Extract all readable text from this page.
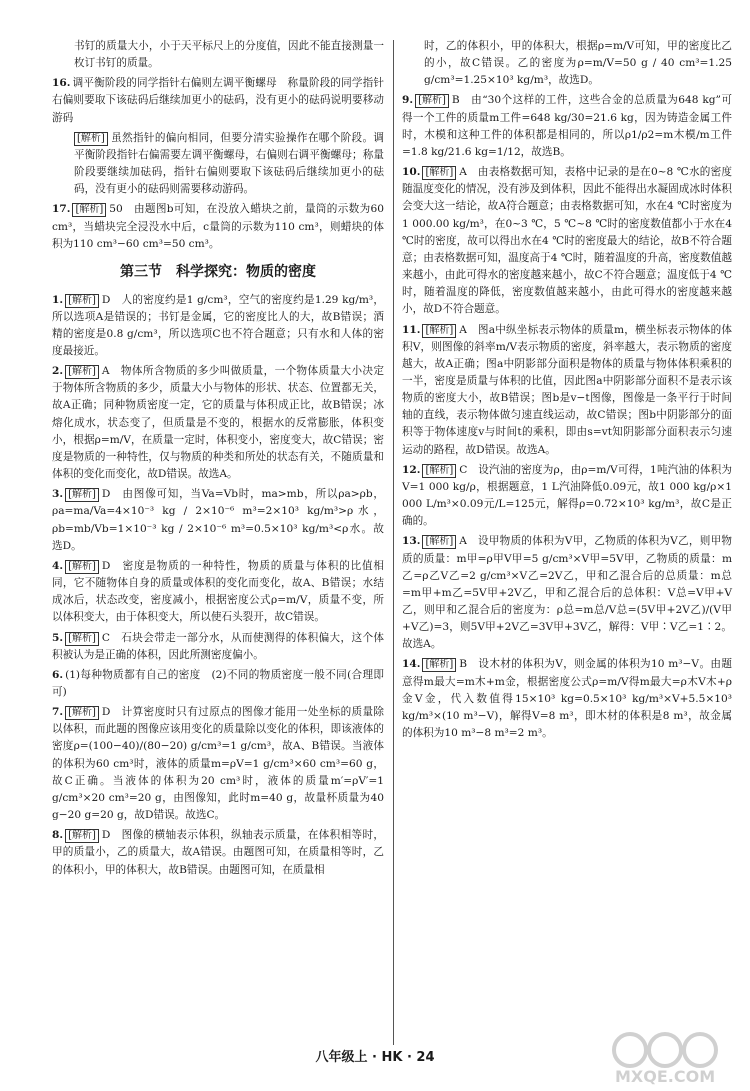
书钉的质量大小，小于天平标尺上的分度值，因此不能直接测量一枚订书钉的质量。

16. 调平衡阶段的同学指针右偏则左调平衡螺母　称量阶段的同学指针右偏则要取下该砝码后继续加更小的砝码，没有更小的砝码说明要移动游码

[解析] 虽然指针的偏向相同，但要分清实验操作在哪个阶段。调平衡阶段指针右偏需要左调平衡螺母，右偏则右调平衡螺母；称量阶段要继续加砝码，指针右偏则要取下该砝码后继续加更小的砝码，没有更小的砝码则需要移动游码。

17. [解析] 50　由题图b可知，在没放入蜡块之前，量筒的示数为60 cm³，当蜡块完全浸没水中后，c量筒的示数为110 cm³，则蜡块的体积为110 cm³−60 cm³=50 cm³。

第三节　科学探究：物质的密度

1. [解析] D　人的密度约是1 g/cm³，空气的密度约是1.29 kg/m³，所以选项A是错误的；书钉是金属，它的密度比人的大，故B错误；酒精的密度是0.8 g/cm³，所以选项C也不符合题意；只有水和人体的密度最接近。

2. [解析] A　物体所含物质的多少叫做质量，一个物体质量大小决定于物体所含物质的多少，质量大小与物体的形状、状态、位置都无关，故A正确；同种物质密度一定，它的质量与体积成正比，故B错误；冰熔化成水，状态变了，但质量是不变的，根据水的反常膨胀，体积变小，根据ρ=m/V，在质量一定时，体积变小，密度变大，故C错误；密度是物质的一种特性，仅与物质的种类和所处的状态有关，不随质量和体积的变化而变化，故D错误。故选A。

3. [解析] D　由图像可知，当Va=Vb时，ma>mb，所以ρa>ρb，ρa=ma/Va=4×10⁻³ kg / 2×10⁻⁶ m³=2×10³ kg/m³>ρ水，ρb=mb/Vb=1×10⁻³ kg / 2×10⁻⁶ m³=0.5×10³ kg/m³<ρ水。故选D。

4. [解析] D　密度是物质的一种特性，物质的质量与体积的比值相同，它不随物体自身的质量或体积的变化而变化，故A、B错误；水结成冰后，状态改变，密度减小，根据密度公式ρ=m/V，质量不变，所以体积变大，由于体积变大，所以使石头裂开，故C错误。

5. [解析] C　石块会带走一部分水，从而使测得的体积偏大，这个体积被认为是正确的体积，因此所测密度偏小。

6. (1)每种物质都有自己的密度　(2)不同的物质密度一般不同(合理即可)

7. [解析] D　计算密度时只有过原点的图像才能用一处坐标的质量除以体积，而此题的图像应该用变化的质量除以变化的体积，即该液体的密度ρ=(100−40)/(80−20) g/cm³=1 g/cm³，故A、B错误。当液体的体积为60 cm³时，液体的质量m=ρV=1 g/cm³×60 cm³=60 g，故C正确。当液体的体积为20 cm³时，液体的质量m′=ρV′=1 g/cm³×20 cm³=20 g，由图像知，此时m=40 g，故量杯质量为40 g−20 g=20 g，故D错误。故选C。

8. [解析] D　图像的横轴表示体积，纵轴表示质量，在体积相等时，甲的质量小，乙的质量大，故A错误。由题图可知，在质量相等时，乙的体积小，甲的体积大，故B错误。由题图可知，在质量相

时，乙的体积小，甲的体积大，根据ρ=m/V可知，甲的密度比乙的小，故C错误。乙的密度为ρ=m/V=50 g / 40 cm³=1.25 g/cm³=1.25×10³ kg/m³，故选D。

9. [解析] B　由“30个这样的工件，这些合金的总质量为648 kg”可得一个工件的质量m工件=648 kg/30=21.6 kg，因为铸造金属工件时，木模和这种工件的体积都是相同的，所以ρ1/ρ2=m木模/m工件=1.8 kg/21.6 kg=1/12，故选B。

10. [解析] A　由表格数据可知，表格中记录的是在0~8 ℃水的密度随温度变化的情况，没有涉及到体积，因此不能得出水凝固成冰时体积会变大这一结论，故A符合题意；由表格数据可知，水在4 ℃时密度为1 000.00 kg/m³，在0~3 ℃，5 ℃~8 ℃时的密度数值都小于水在4 ℃时的密度，故可以得出水在4 ℃时的密度最大的结论，故B不符合题意；由表格数据可知，温度高于4 ℃时，随着温度的升高，密度数值越来越小，由此可得水的密度越来越小，故C不符合题意；温度低于4 ℃时，随着温度的降低，密度数值越来越小，由此可得水的密度越来越小，故D不符合题意。

11. [解析] A　图a中纵坐标表示物体的质量m，横坐标表示物体的体积V，则图像的斜率m/V表示物质的密度，斜率越大，表示物质的密度越大，故A正确；图a中阴影部分面积是物体的质量与物体体积乘积的一半，密度是质量与体积的比值，因此图a中阴影部分面积不是表示该物质的密度大小，故B错误；图b是v−t图像，图像是一条平行于时间轴的直线，表示物体做匀速直线运动，故C错误；图b中阴影部分的面积等于物体速度v与时间t的乘积，即由s=vt知阴影部分面积表示匀速运动的路程，故D错误。故选A。

12. [解析] C　设汽油的密度为ρ，由ρ=m/V可得，1吨汽油的体积为V=1 000 kg/ρ，根据题意，1 L汽油降低0.09元，故1 000 kg/ρ×1 000 L/m³×0.09元/L=125元，解得ρ=0.72×10³ kg/m³，故C是正确的。

13. [解析] A　设甲物质的体积为V甲，乙物质的体积为V乙，则甲物质的质量：m甲=ρ甲V甲=5 g/cm³×V甲=5V甲，乙物质的质量：m乙=ρ乙V乙=2 g/cm³×V乙=2V乙，甲和乙混合后的总质量：m总=m甲+m乙=5V甲+2V乙，甲和乙混合后的总体积：V总=V甲+V乙，则甲和乙混合后的密度为：ρ总=m总/V总=(5V甲+2V乙)/(V甲+V乙)=3，则5V甲+2V乙=3V甲+3V乙，解得：V甲∶V乙=1∶2。故选A。

14. [解析] B　设木材的体积为V，则金属的体积为10 m³−V。由题意得m最大=m木+m金，根据密度公式ρ=m/V得m最大=ρ木V木+ρ金V金，代入数值得15×10³ kg=0.5×10³ kg/m³×V+5.5×10³ kg/m³×(10 m³−V)，解得V=8 m³，即木材的体积是8 m³，故金属的体积为10 m³−8 m³=2 m³。

八年级上 · HK · 24
MXQE.COM
